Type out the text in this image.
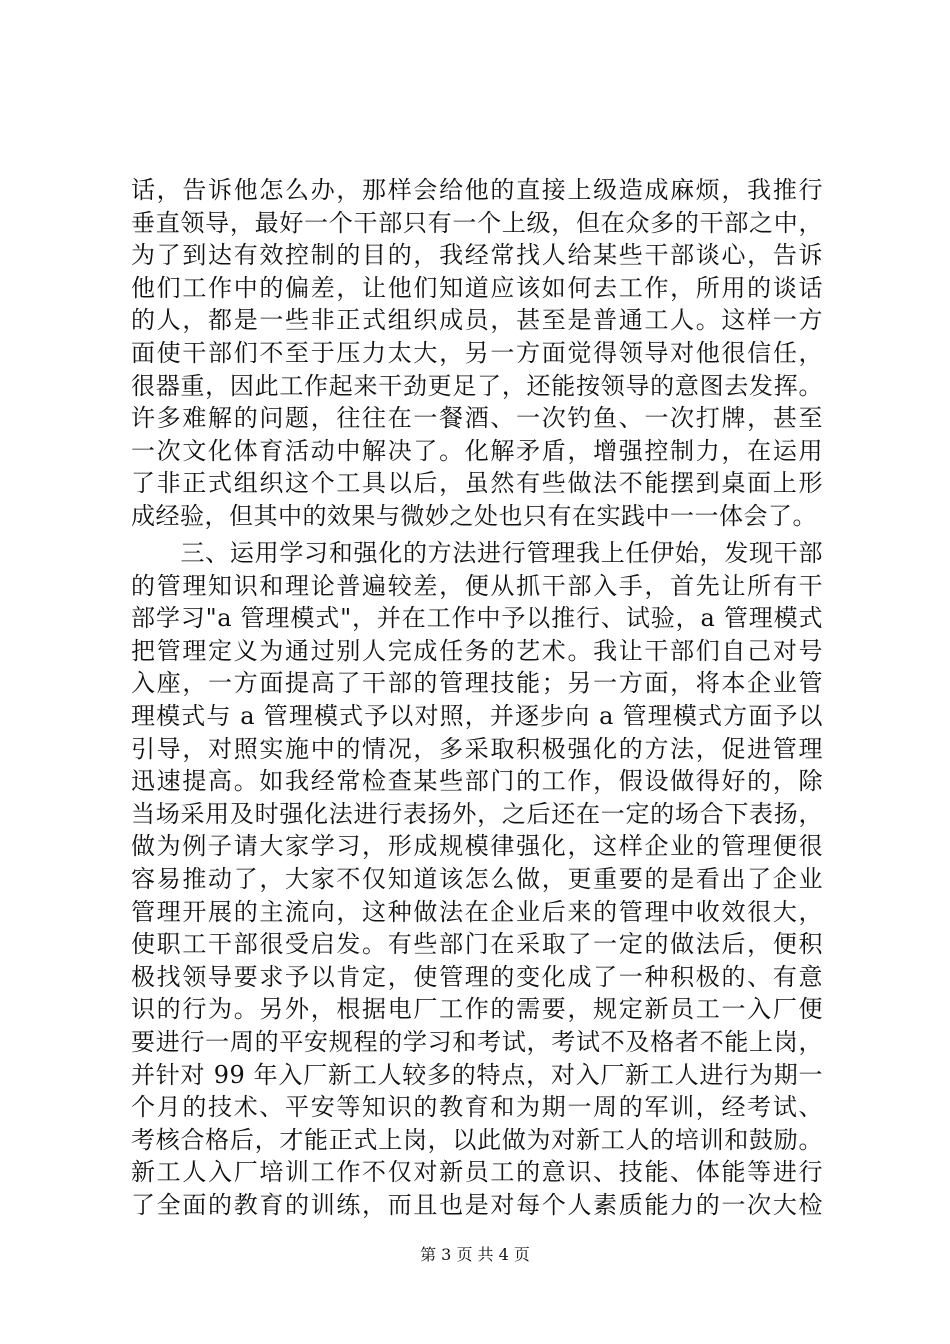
话，告诉他怎么办，那样会给他的直接上级造成麻烦，我推行
垂直领导，最好一个干部只有一个上级，但在众多的干部之中，
为了到达有效控制的目的，我经常找人给某些干部谈心，告诉
他们工作中的偏差，让他们知道应该如何去工作，所用的谈话
的人，都是一些非正式组织成员，甚至是普通工人。这样一方
面使干部们不至于压力太大，另一方面觉得领导对他很信任，
很器重，因此工作起来干劲更足了，还能按领导的意图去发挥。
许多难解的问题，往往在一餐酒、一次钓鱼、一次打牌，甚至
一次文化体育活动中解决了。化解矛盾，增强控制力，在运用
了非正式组织这个工具以后，虽然有些做法不能摆到桌面上形
成经验，但其中的效果与微妙之处也只有在实践中一一体会了。
　　三、运用学习和强化的方法进行管理我上任伊始，发现干部
的管理知识和理论普遍较差，便从抓干部入手，首先让所有干
部学习"a 管理模式"，并在工作中予以推行、试验，a 管理模式
把管理定义为通过别人完成任务的艺术。我让干部们自己对号
入座，一方面提高了干部的管理技能；另一方面，将本企业管
理模式与 a 管理模式予以对照，并逐步向 a 管理模式方面予以
引导，对照实施中的情况，多采取积极强化的方法，促进管理
迅速提高。如我经常检查某些部门的工作，假设做得好的，除
当场采用及时强化法进行表扬外，之后还在一定的场合下表扬，
做为例子请大家学习，形成规模律强化，这样企业的管理便很
容易推动了，大家不仅知道该怎么做，更重要的是看出了企业
管理开展的主流向，这种做法在企业后来的管理中收效很大，
使职工干部很受启发。有些部门在采取了一定的做法后，便积
极找领导要求予以肯定，使管理的变化成了一种积极的、有意
识的行为。另外，根据电厂工作的需要，规定新员工一入厂便
要进行一周的平安规程的学习和考试，考试不及格者不能上岗，
并针对 99 年入厂新工人较多的特点，对入厂新工人进行为期一
个月的技术、平安等知识的教育和为期一周的军训，经考试、
考核合格后，才能正式上岗，以此做为对新工人的培训和鼓励。
新工人入厂培训工作不仅对新员工的意识、技能、体能等进行
了全面的教育的训练，而且也是对每个人素质能力的一次大检
第 3 页 共 4 页
